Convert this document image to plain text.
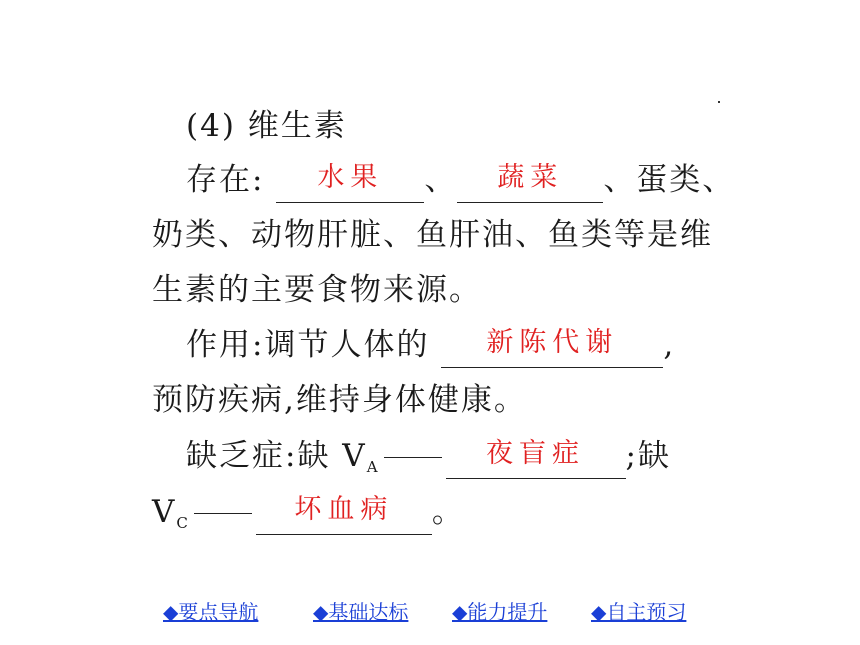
(4) 维生素
存在: 水果 、 蔬菜 、蛋类、
奶类、动物肝脏、鱼肝油、鱼类等是维
生素的主要食物来源。
作用:调节人体的 新陈代谢 ,
预防疾病,维持身体健康。
缺乏症:缺 $V_A$	夜盲症 ;缺
$V_C$	坏血病 。
◆要点导航	◆基础达标 ◆能力提升 ◆自主预习
